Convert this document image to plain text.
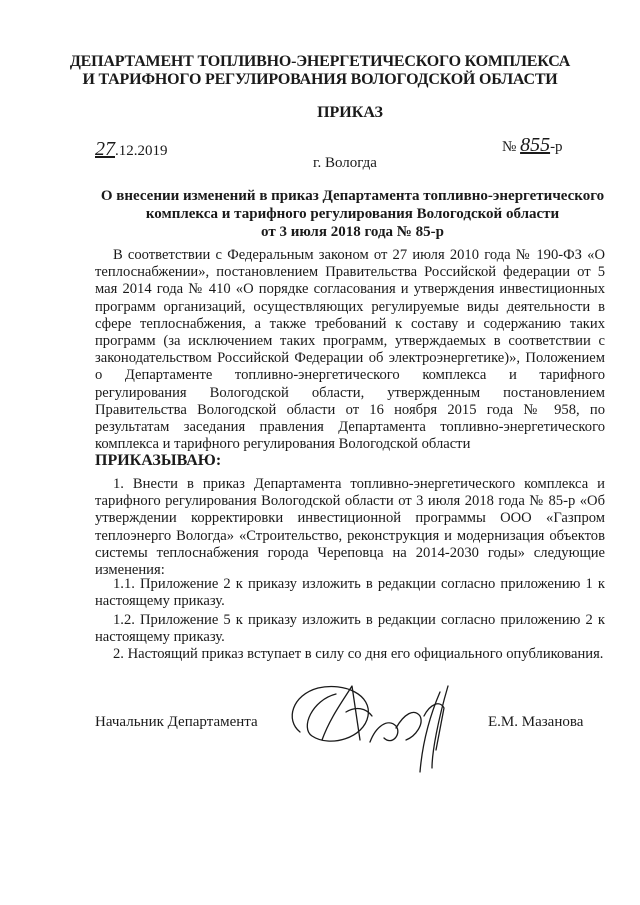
ДЕПАРТАМЕНТ ТОПЛИВНО-ЭНЕРГЕТИЧЕСКОГО КОМПЛЕКСА
И ТАРИФНОГО РЕГУЛИРОВАНИЯ ВОЛОГОДСКОЙ ОБЛАСТИ
ПРИКАЗ
27.12.2019	№ 855-р
г. Вологда
О внесении изменений в приказ Департамента топливно-энергетического
комплекса и тарифного регулирования Вологодской области
от 3 июля 2018 года № 85-р
В соответствии с Федеральным законом от 27 июля 2010 года № 190-ФЗ «О теплоснабжении», постановлением Правительства Российской федерации от 5 мая 2014 года № 410 «О порядке согласования и утверждения инвестиционных программ организаций, осуществляющих регулируемые виды деятельности в сфере теплоснабжения, а также требований к составу и содержанию таких программ (за исключением таких программ, утверждаемых в соответствии с законодательством Российской Федерации об электроэнергетике)», Положением о Департаменте топливно-энергетического комплекса и тарифного регулирования Вологодской области, утвержденным постановлением Правительства Вологодской области от 16 ноября 2015 года № 958, по результатам заседания правления Департамента топливно-энергетического комплекса и тарифного регулирования Вологодской области
ПРИКАЗЫВАЮ:
1. Внести в приказ Департамента топливно-энергетического комплекса и тарифного регулирования Вологодской области от 3 июля 2018 года № 85-р «Об утверждении корректировки инвестиционной программы ООО «Газпром теплоэнерго Вологда» «Строительство, реконструкция и модернизация объектов системы теплоснабжения города Череповца на 2014-2030 годы» следующие изменения:
1.1. Приложение 2 к приказу изложить в редакции согласно приложению 1 к настоящему приказу.
1.2. Приложение 5 к приказу изложить в редакции согласно приложению 2 к настоящему приказу.
2. Настоящий приказ вступает в силу со дня его официального опубликования.
Начальник Департамента	Е.М. Мазанова
